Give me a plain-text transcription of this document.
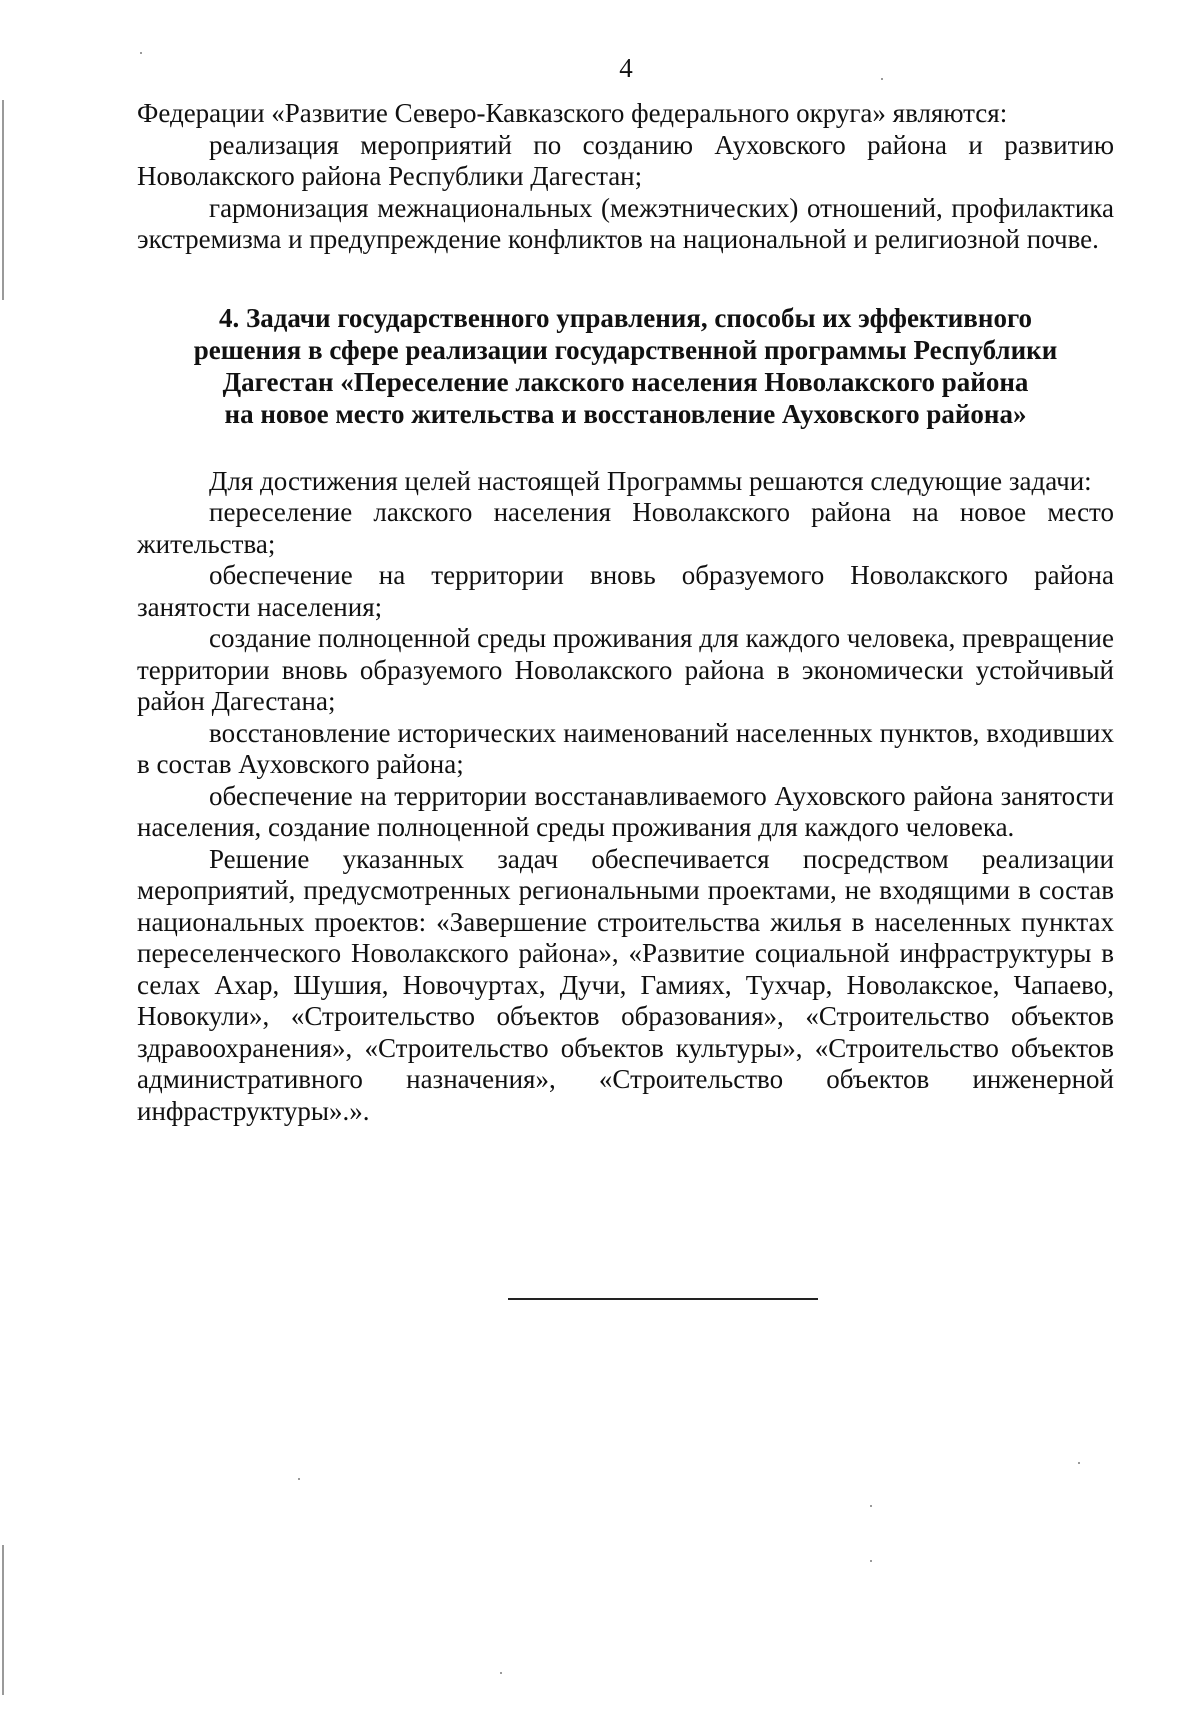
4

Федерации «Развитие Северо-Кавказского федерального округа» являются:

реализация мероприятий по созданию Ауховского района и развитию Новолакского района Республики Дагестан;

гармонизация межнациональных (межэтнических) отношений, профилактика экстремизма и предупреждение конфликтов на национальной и религиозной почве.

4. Задачи государственного управления, способы их эффективного
решения в сфере реализации государственной программы Республики
Дагестан «Переселение лакского населения Новолакского района
на новое место жительства и восстановление Ауховского района»

Для достижения целей настоящей Программы решаются следующие задачи:

переселение лакского населения Новолакского района на новое место жительства;

обеспечение на территории вновь образуемого Новолакского района занятости населения;

создание полноценной среды проживания для каждого человека, превращение территории вновь образуемого Новолакского района в экономически устойчивый район Дагестана;

восстановление исторических наименований населенных пунктов, входивших в состав Ауховского района;

обеспечение на территории восстанавливаемого Ауховского района занятости населения, создание полноценной среды проживания для каждого человека.

Решение указанных задач обеспечивается посредством реализации мероприятий, предусмотренных региональными проектами, не входящими в состав национальных проектов: «Завершение строительства жилья в населенных пунктах переселенческого Новолакского района», «Развитие социальной инфраструктуры в селах Ахар, Шушия, Новочуртах, Дучи, Гамиях, Тухчар, Новолакское, Чапаево, Новокули», «Строительство объектов образования», «Строительство объектов здравоохранения», «Строительство объектов культуры», «Строительство объектов административного назначения», «Строительство объектов инженерной инфраструктуры».».
